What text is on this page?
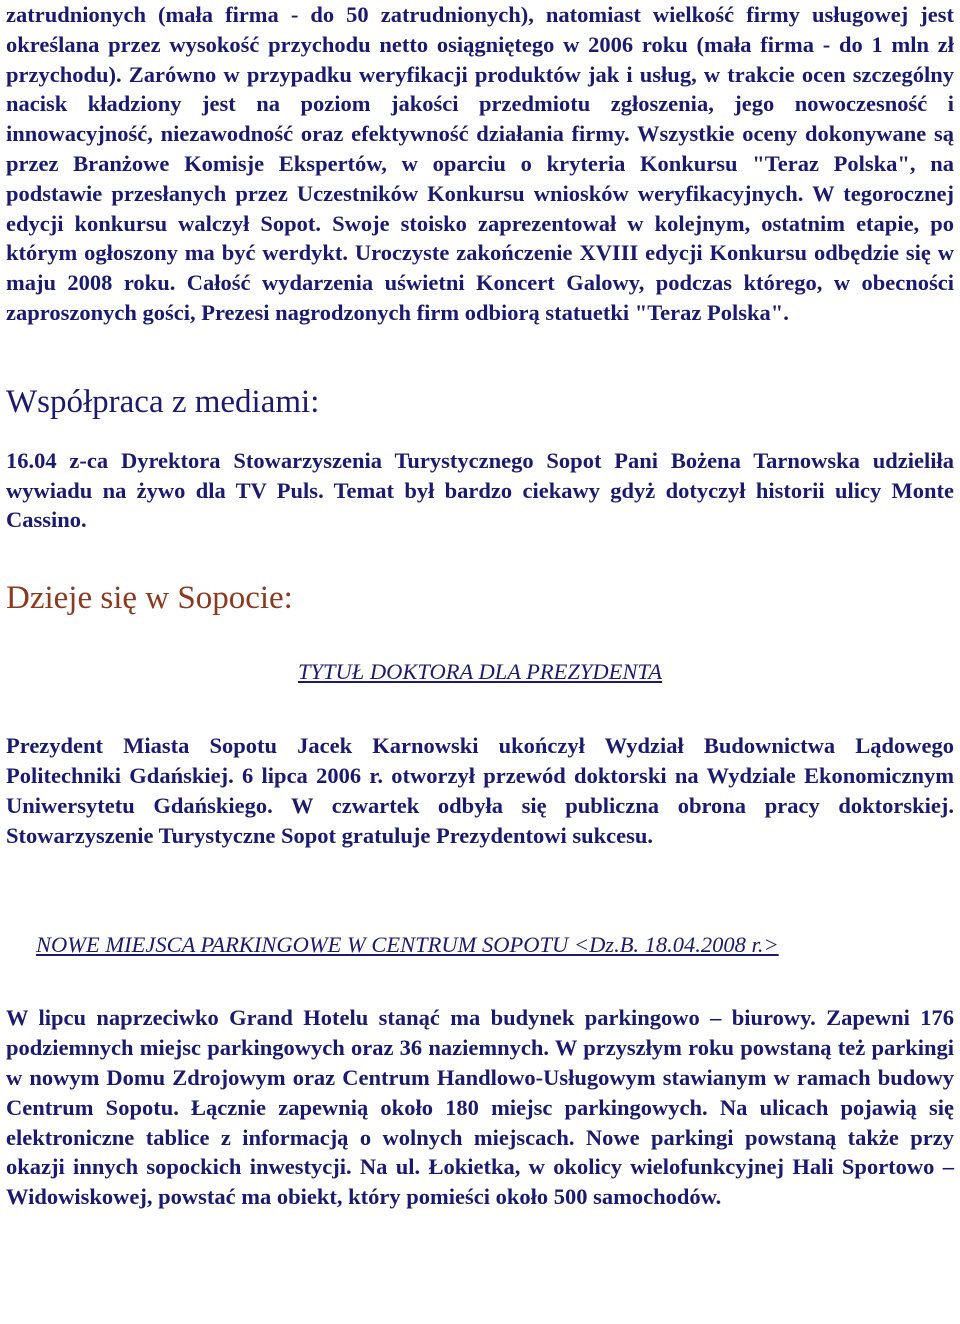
zatrudnionych (mała firma - do 50 zatrudnionych), natomiast wielkość firmy usługowej jest określana przez wysokość przychodu netto osiągniętego w 2006 roku (mała firma - do 1 mln zł przychodu). Zarówno w przypadku weryfikacji produktów jak i usług, w trakcie ocen szczególny nacisk kładziony jest na poziom jakości przedmiotu zgłoszenia, jego nowoczesność i innowacyjność, niezawodność oraz efektywność działania firmy. Wszystkie oceny dokonywane są przez Branżowe Komisje Ekspertów, w oparciu o kryteria Konkursu "Teraz Polska", na podstawie przesłanych przez Uczestników Konkursu wniosków weryfikacyjnych. W tegorocznej edycji konkursu walczył Sopot. Swoje stoisko zaprezentował w kolejnym, ostatnim etapie, po którym ogłoszony ma być werdykt. Uroczyste zakończenie XVIII edycji Konkursu odbędzie się w maju 2008 roku. Całość wydarzenia uświetni Koncert Galowy, podczas którego, w obecności zaproszonych gości, Prezesi nagrodzonych firm odbiorą statuetki "Teraz Polska".

Współpraca z mediami:

16.04 z-ca Dyrektora Stowarzyszenia Turystycznego Sopot Pani Bożena Tarnowska udzieliła wywiadu na żywo dla TV Puls. Temat był bardzo ciekawy gdyż dotyczył historii ulicy Monte Cassino.

Dzieje się w Sopocie:

TYTUŁ DOKTORA DLA PREZYDENTA

Prezydent Miasta Sopotu Jacek Karnowski ukończył Wydział Budownictwa Lądowego Politechniki Gdańskiej. 6 lipca 2006 r. otworzył przewód doktorski na Wydziale Ekonomicznym Uniwersytetu Gdańskiego. W czwartek odbyła się publiczna obrona pracy doktorskiej. Stowarzyszenie Turystyczne Sopot gratuluje Prezydentowi sukcesu.

NOWE MIEJSCA PARKINGOWE W CENTRUM SOPOTU <Dz.B. 18.04.2008 r.>

W lipcu naprzeciwko Grand Hotelu stanąć ma budynek parkingowo – biurowy. Zapewni 176 podziemnych miejsc parkingowych oraz 36 naziemnych. W przyszłym roku powstaną też parkingi w nowym Domu Zdrojowym oraz Centrum Handlowo-Usługowym stawianym w ramach budowy Centrum Sopotu. Łącznie zapewnią około 180 miejsc parkingowych. Na ulicach pojawią się elektroniczne tablice z informacją o wolnych miejscach. Nowe parkingi powstaną także przy okazji innych sopockich inwestycji. Na ul. Łokietka, w okolicy wielofunkcyjnej Hali Sportowo – Widowiskowej, powstać ma obiekt, który pomieści około 500 samochodów.
